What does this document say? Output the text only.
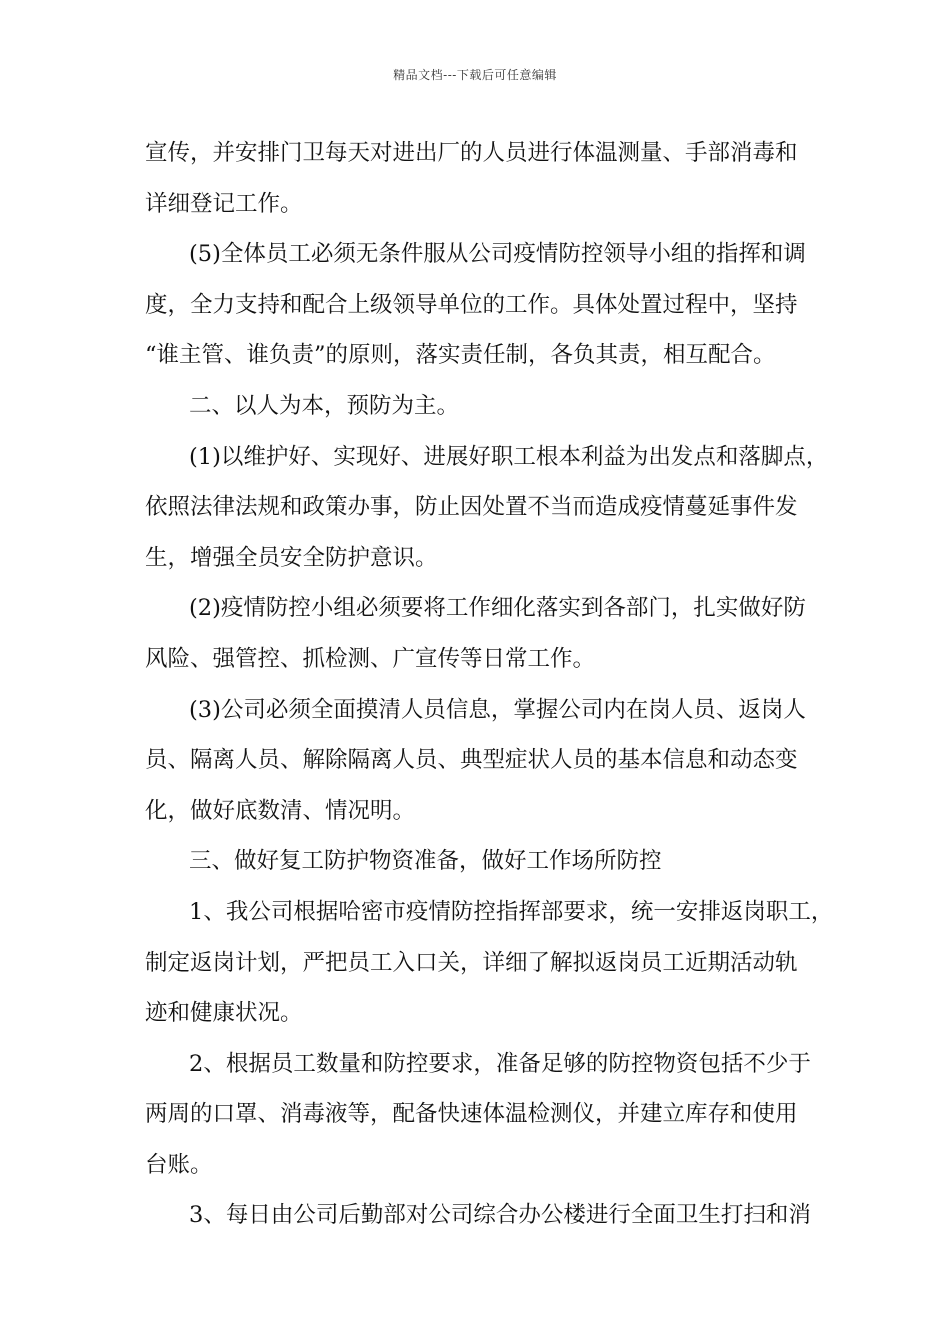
精品文档---下载后可任意编辑
宣传，并安排门卫每天对进出厂的人员进行体温测量、手部消毒和
详细登记工作。
(5)全体员工必须无条件服从公司疫情防控领导小组的指挥和调
度，全力支持和配合上级领导单位的工作。具体处置过程中，坚持
“谁主管、谁负责”的原则，落实责任制，各负其责，相互配合。
二、以人为本，预防为主。
(1)以维护好、实现好、进展好职工根本利益为出发点和落脚点，
依照法律法规和政策办事，防止因处置不当而造成疫情蔓延事件发
生，增强全员安全防护意识。
(2)疫情防控小组必须要将工作细化落实到各部门，扎实做好防
风险、强管控、抓检测、广宣传等日常工作。
(3)公司必须全面摸清人员信息，掌握公司内在岗人员、返岗人
员、隔离人员、解除隔离人员、典型症状人员的基本信息和动态变
化，做好底数清、情况明。
三、做好复工防护物资准备，做好工作场所防控
1、我公司根据哈密市疫情防控指挥部要求，统一安排返岗职工，
制定返岗计划，严把员工入口关，详细了解拟返岗员工近期活动轨
迹和健康状况。
2、根据员工数量和防控要求，准备足够的防控物资包括不少于
两周的口罩、消毒液等，配备快速体温检测仪，并建立库存和使用
台账。
3、每日由公司后勤部对公司综合办公楼进行全面卫生打扫和消
